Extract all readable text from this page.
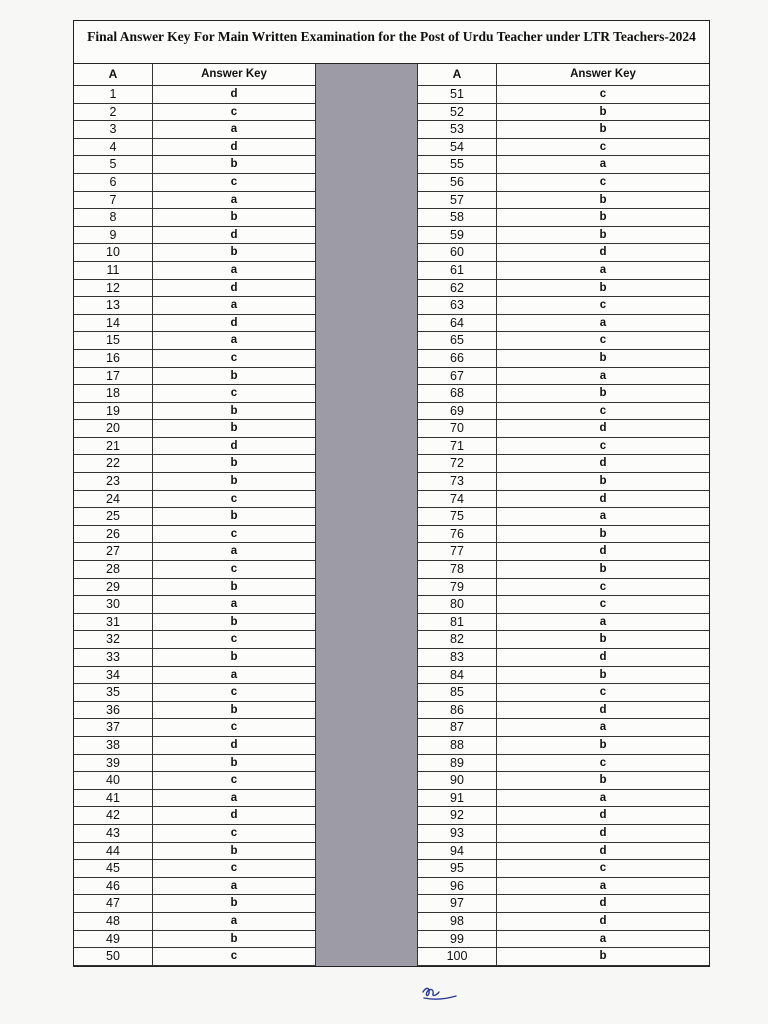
Final Answer Key For Main Written Examination for the Post of Urdu Teacher under LTR Teachers-2024
A
1
2
3
4
5
6
7
8
9
10
11
12
13
14
15
16
17
18
19
20
21
22
23
24
25
26
27
28
29
30
31
32
33
34
35
36
37
38
39
40
41
42
43
44
45
46
47
48
49
50
Answer Key
d
c
a
d
b
c
a
b
d
b
a
d
a
d
a
c
b
c
b
b
d
b
b
c
b
c
a
c
b
a
b
c
b
a
c
b
c
d
b
c
a
d
c
b
c
a
b
a
b
c
A
51
52
53
54
55
56
57
58
59
60
61
62
63
64
65
66
67
68
69
70
71
72
73
74
75
76
77
78
79
80
81
82
83
84
85
86
87
88
89
90
91
92
93
94
95
96
97
98
99
100
Answer Key
c
b
b
c
a
c
b
b
b
d
a
b
c
a
c
b
a
b
c
d
c
d
b
d
a
b
d
b
c
c
a
b
d
b
c
d
a
b
c
b
a
d
d
d
c
a
d
d
a
b
